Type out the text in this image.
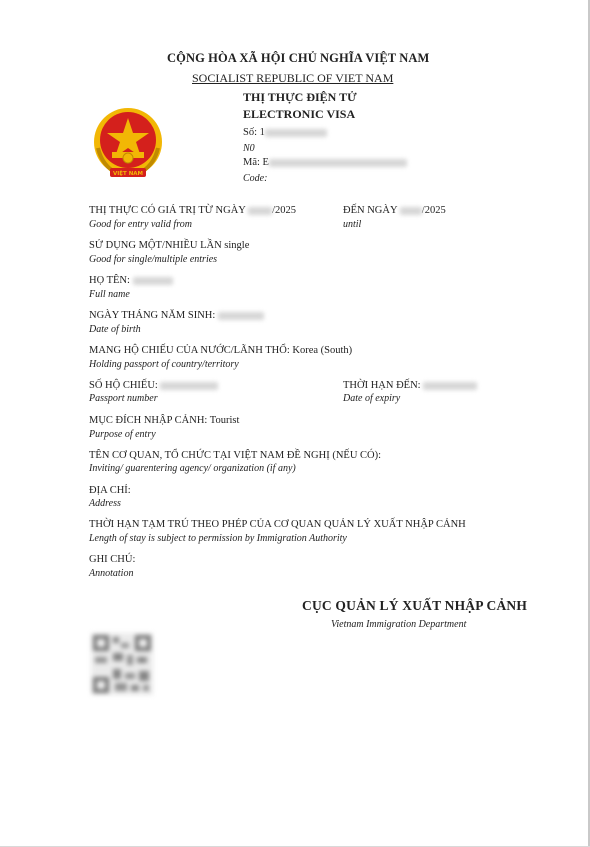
CỘNG HÒA XÃ HỘI CHỦ NGHĨA VIỆT NAM
SOCIALIST REPUBLIC OF VIET NAM
THỊ THỰC ĐIỆN TỬ
ELECTRONIC VISA
Số: 1
N0
Mã: E
Code:
VIỆT NAM
THỊ THỰC CÓ GIÁ TRỊ TỪ NGÀY	/2025
Good for entry valid from
ĐẾN NGÀY /2025
until
SỬ DỤNG MỘT/NHIỀU LẦN single
Good for single/multiple entries
HỌ TÊN:
Full name
NGÀY THÁNG NĂM SINH:
Date of birth
MANG HỘ CHIẾU CỦA NƯỚC/LÃNH THỔ: Korea (South)
Holding passport of country/territory
SỐ HỘ CHIẾU:
Passport number
THỜI HẠN ĐẾN:
Date of expiry
MỤC ĐÍCH NHẬP CẢNH: Tourist
Purpose of entry
TÊN CƠ QUAN, TỔ CHỨC TẠI VIỆT NAM ĐỀ NGHỊ (NẾU CÓ):
Inviting/ guarentering agency/ organization (if any)
ĐỊA CHỈ:
Address
THỜI HẠN TẠM TRÚ THEO PHÉP CỦA CƠ QUAN QUẢN LÝ XUẤT NHẬP CẢNH
Length of stay is subject to permission by Immigration Authority
GHI CHÚ:
Annotation
CỤC QUẢN LÝ XUẤT NHẬP CẢNH
Vietnam Immigration Department
